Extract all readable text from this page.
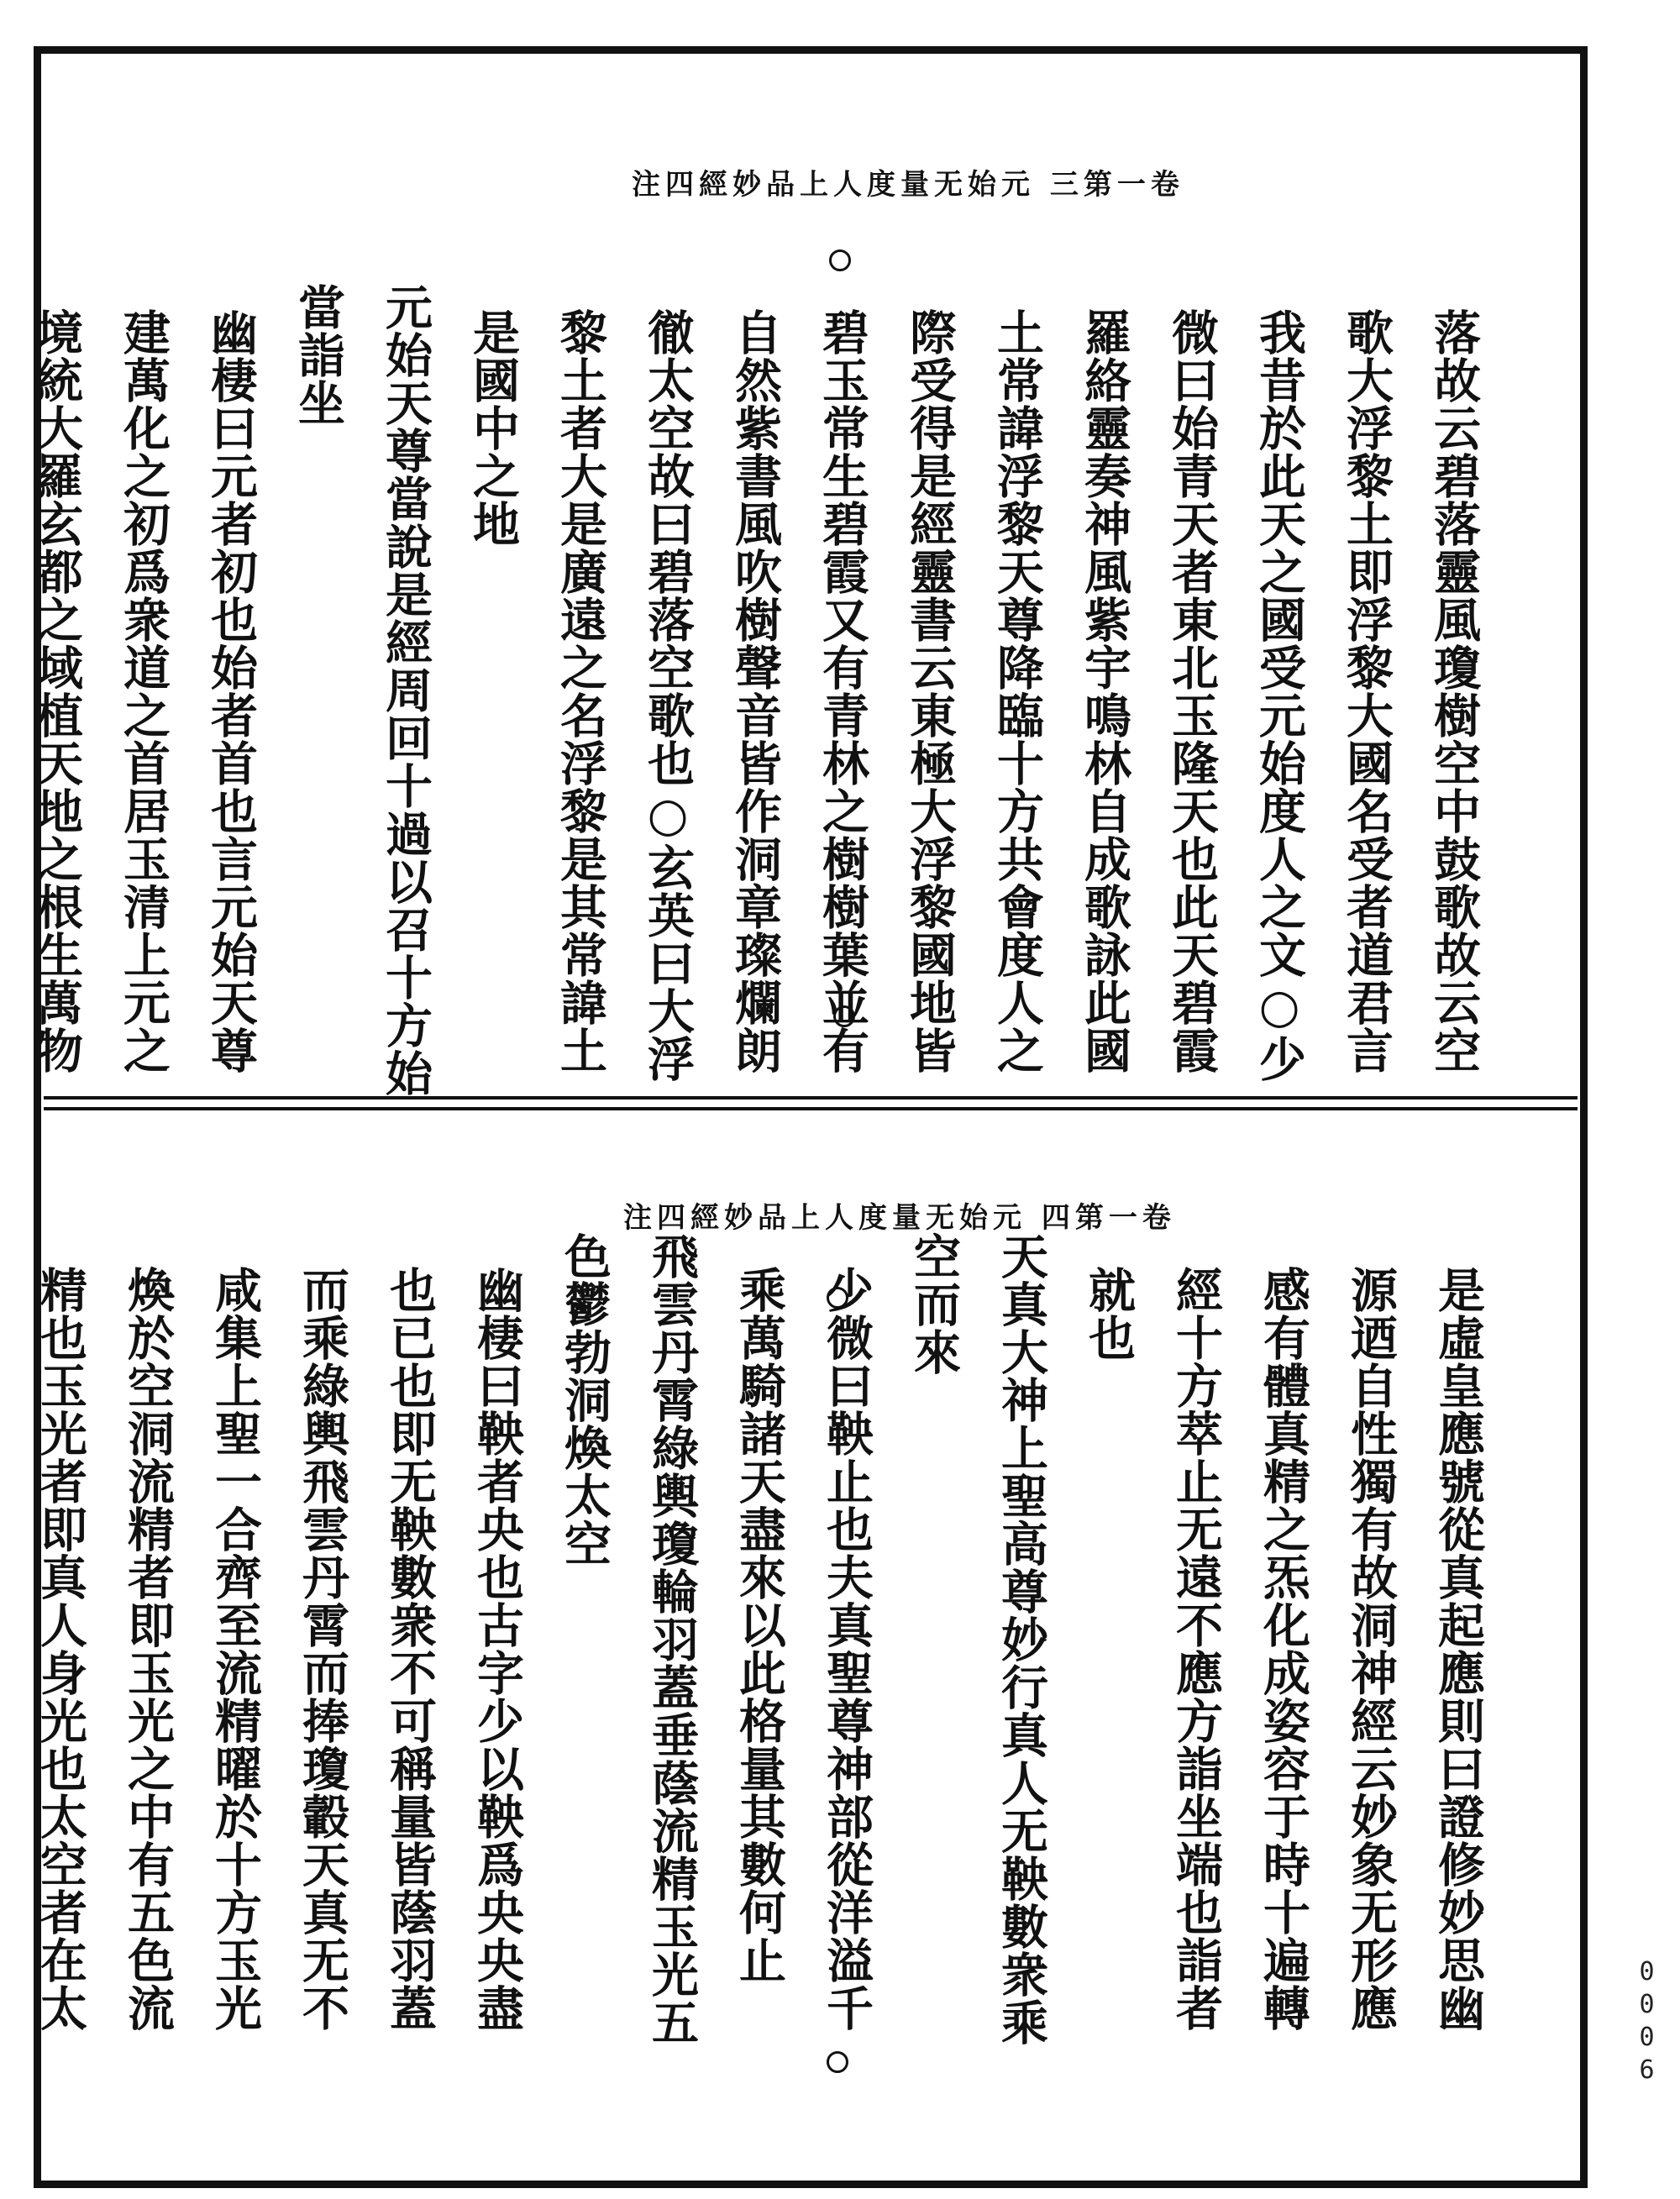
卷一第三 元始无量度人上品妙經四注
落故云碧落靈風瓊樹空中鼓歌故云空
歌大浮黎土即浮黎大國名受者道君言
我昔於此天之國受元始度人之文○少
微曰始青天者東北玉隆天也此天碧霞
羅絡靈奏神風紫宇鳴林自成歌詠此國
土常諱浮黎天尊降臨十方共會度人之
際受得是經靈書云東極大浮黎國地皆
碧玉常生碧霞又有青林之樹樹葉並有
自然紫書風吹樹聲音皆作洞章璨爛朗
徹太空故曰碧落空歌也○玄英曰大浮
黎土者大是廣遠之名浮黎是其常諱土
是國中之地
元始天尊當說是經周回十過以召十方始
當詣坐
幽棲曰元者初也始者首也言元始天尊
建萬化之初爲衆道之首居玉清上元之
境統大羅玄都之域植天地之根生萬物
卷一第四 元始无量度人上品妙經四注
是虛皇應號從真起應則曰證修妙思幽
源迺自性獨有故洞神經云妙象无形應
感有體真精之炁化成姿容于時十遍轉
經十方萃止无遠不應方詣坐端也詣者
就也
天真大神上聖高尊妙行真人无鞅數衆乘
空而來
少微曰鞅止也夫真聖尊神部從洋溢千
乘萬騎諸天盡來以此格量其數何止
飛雲丹霄綠輿瓊輪羽蓋垂蔭流精玉光五
色鬱勃洞煥太空
幽棲曰鞅者央也古字少以鞅爲央央盡
也已也即无鞅數衆不可稱量皆蔭羽蓋
而乘綠輿飛雲丹霄而捧瓊轂天真无不
咸集上聖一合齊至流精曜於十方玉光
煥於空洞流精者即玉光之中有五色流
精也玉光者即真人身光也太空者在太	0006
